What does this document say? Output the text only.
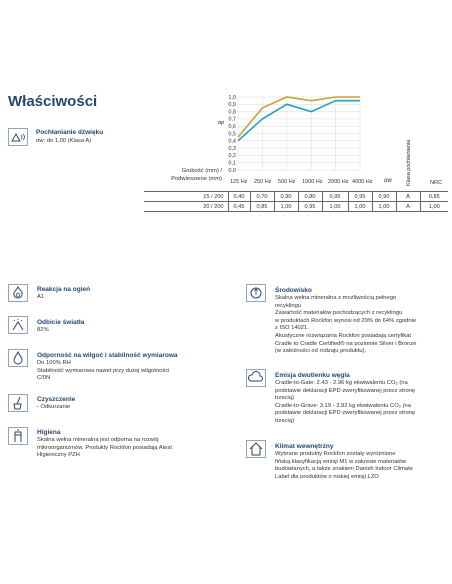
Właściwości
Pochłanianie dźwięku
αw: do 1,00 (Klasa A)
0,0
0,1
0,2
0,3
0,4
0,5
0,6
0,7
0,8
0,9
1,0
αp
Grubość (mm) /
Podwieszenie (mm)
125 Hz 250 Hz 500 Hz 1000 Hz 2000 Hz 4000 Hz αw	Klasa pochłaniania	NRC
15 / 200	0,40	0,70	0,90	0,80	0,95	0,95	0,90	A	0,85
20 / 200	0,45	0,85	1,00	0,95	1,00	1,00	1,00	A	1,00
Reakcja na ogień
A1
Odbicie światła
82%
Odporność na wilgoć i stabilność wymiarowa
Do 100% RH
Stabilność wymiarowa nawet przy dużej wilgotności
C/0N
Czyszczenie
- Odkurzanie
Higiena
Skalna wełna mineralna jest odporna na rozwój
mikroorganizmów. Produkty Rockfon posiadają Atest
Higieniczny PZH
Środowisko
Skalna wełna mineralna z możliwością pełnego
recyklingu
Zawartość materiałów pochodzących z recyklingu
w produktach Rockfon wynosi od 29% do 64% zgodnie
z ISO 14021.
Akustyczne rozwiązania Rockfon posiadają certyfikat
Cradle to Cradle Certified® na poziomie Silver i Bronze
(w zależności od rodzaju produktu).
Emisja dwutlenku węgla
Cradle-to-Gate: 2.43 - 2.96 kg ekwiwalentu CO₂ (na
podstawie deklaracji EPD zweryfikowanej przez stronę
trzecią)
Cradle-to-Grave: 3.19 - 3.92 kg ekwiwalentu CO₂ (na
podstawie deklaracji EPD zweryfikowanej przez stronę
trzecią)
Klimat wewnętrzny
Wybrane produkty Rockfon zostały wyróżnione
fińską klasyfikacją emisji M1 w zakresie materiałów
budowlanych, a także znakiem Danish Indoor Climate
Label dla produktów o niskiej emisji LZO
